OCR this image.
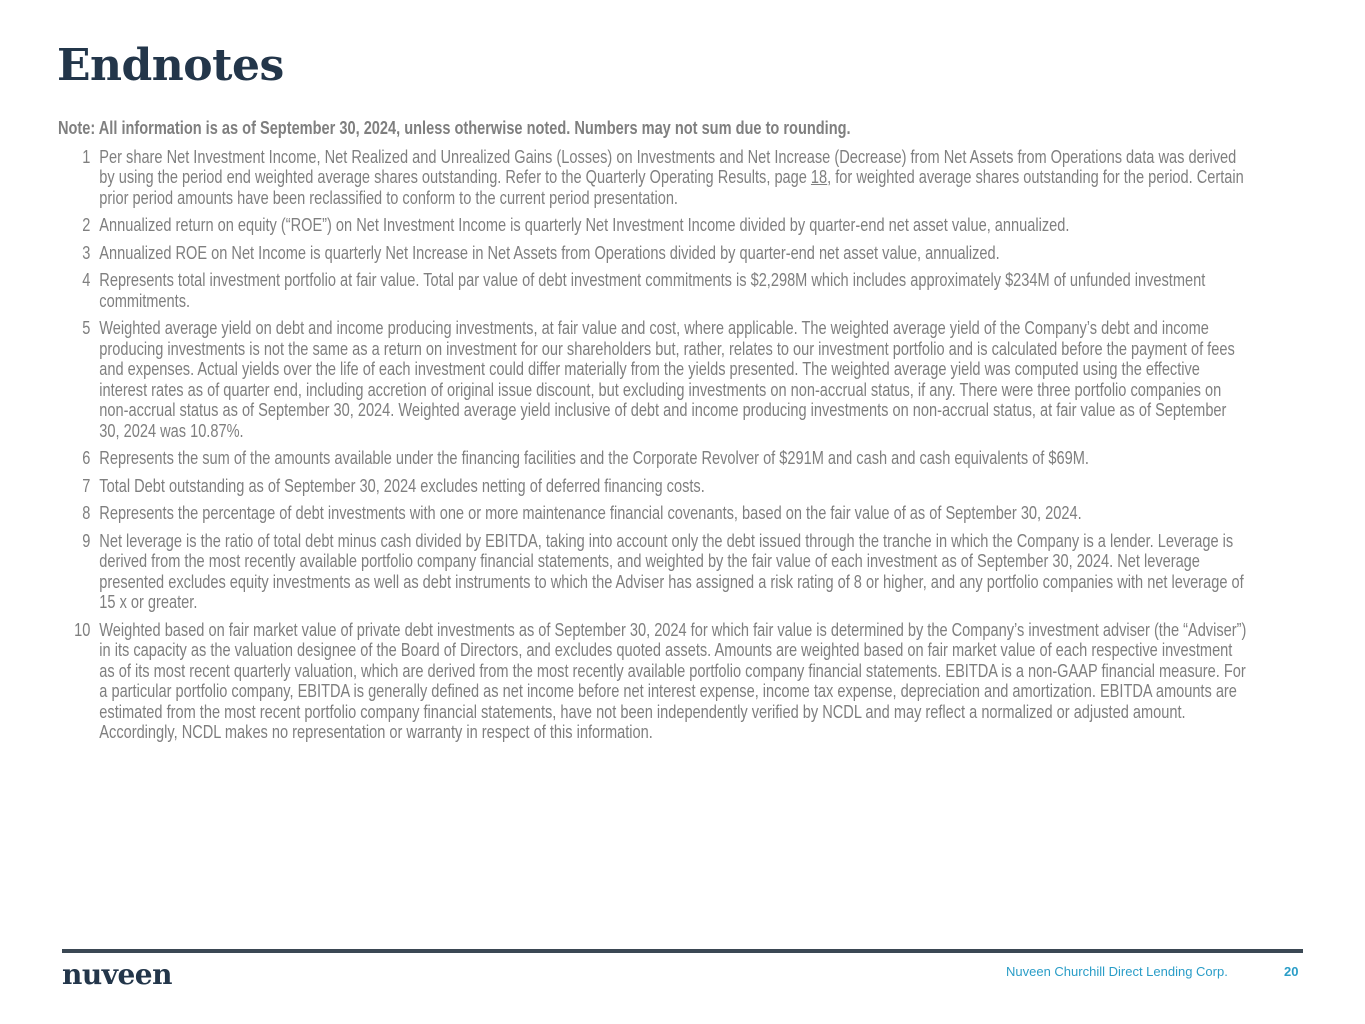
Endnotes
Note: All information is as of September 30, 2024, unless otherwise noted. Numbers may not sum due to rounding.
1 Per share Net Investment Income, Net Realized and Unrealized Gains (Losses) on Investments and Net Increase (Decrease) from Net Assets from Operations data was derived by using the period end weighted average shares outstanding. Refer to the Quarterly Operating Results, page 18, for weighted average shares outstanding for the period. Certain prior period amounts have been reclassified to conform to the current period presentation.
2 Annualized return on equity (“ROE”) on Net Investment Income is quarterly Net Investment Income divided by quarter-end net asset value, annualized.
3 Annualized ROE on Net Income is quarterly Net Increase in Net Assets from Operations divided by quarter-end net asset value, annualized.
4 Represents total investment portfolio at fair value. Total par value of debt investment commitments is $2,298M which includes approximately $234M of unfunded investment commitments.
5 Weighted average yield on debt and income producing investments, at fair value and cost, where applicable. The weighted average yield of the Company’s debt and income producing investments is not the same as a return on investment for our shareholders but, rather, relates to our investment portfolio and is calculated before the payment of fees and expenses. Actual yields over the life of each investment could differ materially from the yields presented. The weighted average yield was computed using the effective interest rates as of quarter end, including accretion of original issue discount, but excluding investments on non-accrual status, if any. There were three portfolio companies on non-accrual status as of September 30, 2024. Weighted average yield inclusive of debt and income producing investments on non-accrual status, at fair value as of September 30, 2024 was 10.87%.
6 Represents the sum of the amounts available under the financing facilities and the Corporate Revolver of $291M and cash and cash equivalents of $69M.
7 Total Debt outstanding as of September 30, 2024 excludes netting of deferred financing costs.
8 Represents the percentage of debt investments with one or more maintenance financial covenants, based on the fair value of as of September 30, 2024.
9 Net leverage is the ratio of total debt minus cash divided by EBITDA, taking into account only the debt issued through the tranche in which the Company is a lender. Leverage is derived from the most recently available portfolio company financial statements, and weighted by the fair value of each investment as of September 30, 2024. Net leverage presented excludes equity investments as well as debt instruments to which the Adviser has assigned a risk rating of 8 or higher, and any portfolio companies with net leverage of 15 x or greater.
10 Weighted based on fair market value of private debt investments as of September 30, 2024 for which fair value is determined by the Company’s investment adviser (the “Adviser”) in its capacity as the valuation designee of the Board of Directors, and excludes quoted assets. Amounts are weighted based on fair market value of each respective investment as of its most recent quarterly valuation, which are derived from the most recently available portfolio company financial statements. EBITDA is a non-GAAP financial measure. For a particular portfolio company, EBITDA is generally defined as net income before net interest expense, income tax expense, depreciation and amortization. EBITDA amounts are estimated from the most recent portfolio company financial statements, have not been independently verified by NCDL and may reflect a normalized or adjusted amount. Accordingly, NCDL makes no representation or warranty in respect of this information.
nuveen	Nuveen Churchill Direct Lending Corp.	20
